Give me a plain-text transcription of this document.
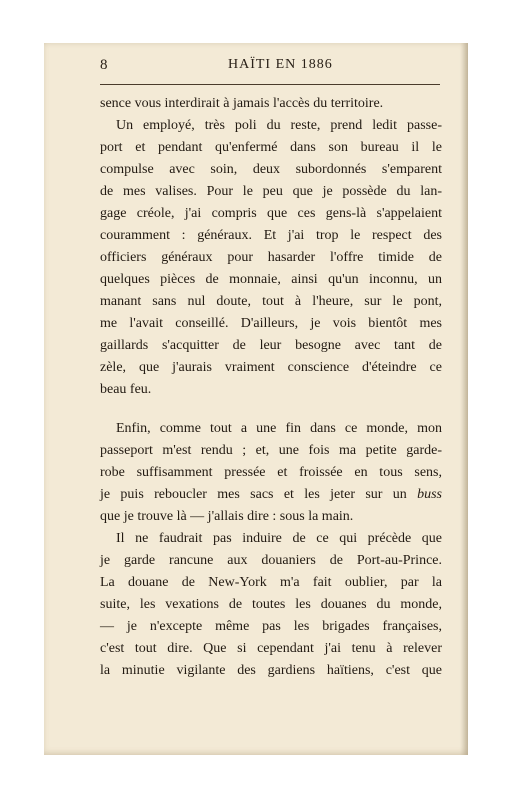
8	HAÏTI EN 1886
sence vous interdirait à jamais l'accès du territoire.
Un employé, très poli du reste, prend ledit passe-
port et pendant qu'enfermé dans son bureau il le
compulse avec soin, deux subordonnés s'emparent
de mes valises. Pour le peu que je possède du lan-
gage créole, j'ai compris que ces gens-là s'appelaient
couramment : généraux. Et j'ai trop le respect des
officiers généraux pour hasarder l'offre timide de
quelques pièces de monnaie, ainsi qu'un inconnu, un
manant sans nul doute, tout à l'heure, sur le pont,
me l'avait conseillé. D'ailleurs, je vois bientôt mes
gaillards s'acquitter de leur besogne avec tant de
zèle, que j'aurais vraiment conscience d'éteindre ce
beau feu.
Enfin, comme tout a une fin dans ce monde, mon
passeport m'est rendu ; et, une fois ma petite garde-
robe suffisamment pressée et froissée en tous sens,
je puis reboucler mes sacs et les jeter sur un buss
que je trouve là — j'allais dire : sous la main.
Il ne faudrait pas induire de ce qui précède que
je garde rancune aux douaniers de Port-au-Prince.
La douane de New-York m'a fait oublier, par la
suite, les vexations de toutes les douanes du monde,
— je n'excepte même pas les brigades françaises,
c'est tout dire. Que si cependant j'ai tenu à relever
la minutie vigilante des gardiens haïtiens, c'est que
